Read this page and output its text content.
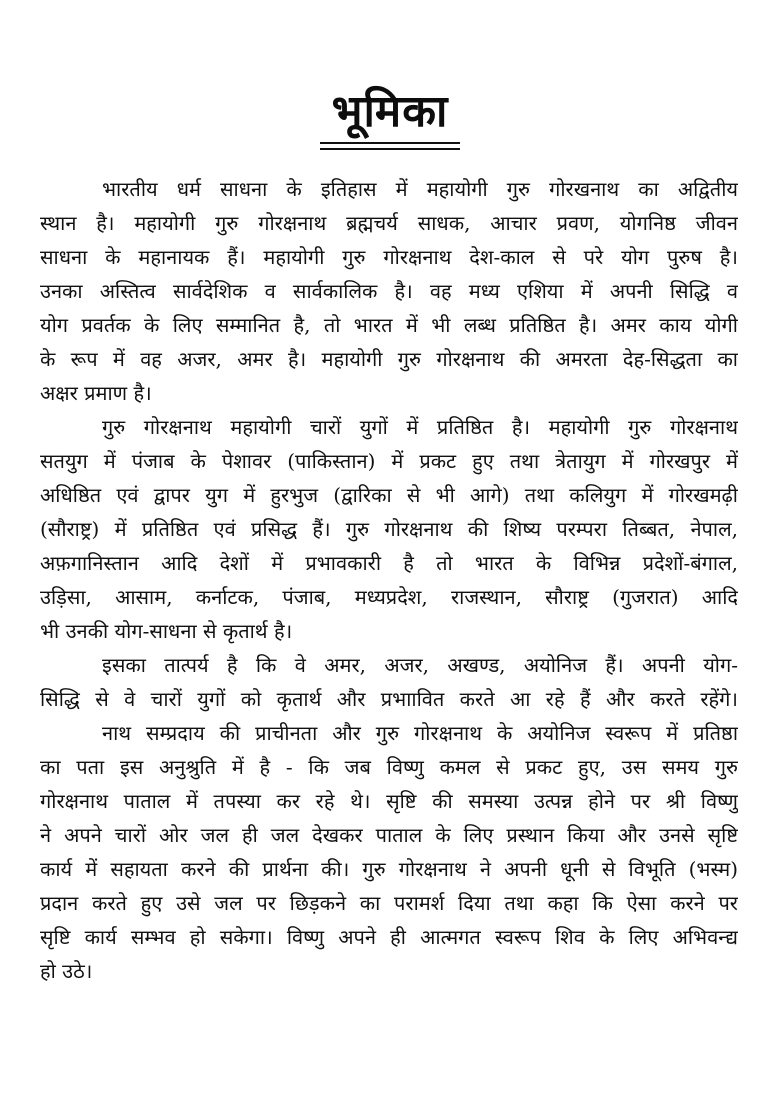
भूमिका
भारतीय धर्म साधना के इतिहास में महायोगी गुरु गोरखनाथ का अद्वितीय
स्थान है। महायोगी गुरु गोरक्षनाथ ब्रह्मचर्य साधक, आचार प्रवण, योगनिष्ठ जीवन
साधना के महानायक हैं। महायोगी गुरु गोरक्षनाथ देश-काल से परे योग पुरुष है।
उनका अस्तित्व सार्वदेशिक व सार्वकालिक है। वह मध्य एशिया में अपनी सिद्धि व
योग प्रवर्तक के लिए सम्मानित है, तो भारत में भी लब्ध प्रतिष्ठित है। अमर काय योगी
के रूप में वह अजर, अमर है। महायोगी गुरु गोरक्षनाथ की अमरता देह-सिद्धता का
अक्षर प्रमाण है।
गुरु गोरक्षनाथ महायोगी चारों युगों में प्रतिष्ठित है। महायोगी गुरु गोरक्षनाथ
सतयुग में पंजाब के पेशावर (पाकिस्तान) में प्रकट हुए तथा त्रेतायुग में गोरखपुर में
अधिष्ठित एवं द्वापर युग में हुरभुज (द्वारिका से भी आगे) तथा कलियुग में गोरखमढ़ी
(सौराष्ट्र) में प्रतिष्ठित एवं प्रसिद्ध हैं। गुरु गोरक्षनाथ की शिष्य परम्परा तिब्बत, नेपाल,
अफ़गानिस्तान आदि देशों में प्रभावकारी है तो भारत के विभिन्न प्रदेशों-बंगाल,
उड़िसा, आसाम, कर्नाटक, पंजाब, मध्यप्रदेश, राजस्थान, सौराष्ट्र (गुजरात) आदि
भी उनकी योग-साधना से कृतार्थ है।
इसका तात्पर्य है कि वे अमर, अजर, अखण्ड, अयोनिज हैं। अपनी योग-
सिद्धि से वे चारों युगों को कृतार्थ और प्रभाावित करते आ रहे हैं और करते रहेंगे।
नाथ सम्प्रदाय की प्राचीनता और गुरु गोरक्षनाथ के अयोनिज स्वरूप में प्रतिष्ठा
का पता इस अनुश्रुति में है - कि जब विष्णु कमल से प्रकट हुए, उस समय गुरु
गोरक्षनाथ पाताल में तपस्या कर रहे थे। सृष्टि की समस्या उत्पन्न होने पर श्री विष्णु
ने अपने चारों ओर जल ही जल देखकर पाताल के लिए प्रस्थान किया और उनसे सृष्टि
कार्य में सहायता करने की प्रार्थना की। गुरु गोरक्षनाथ ने अपनी धूनी से विभूति (भस्म)
प्रदान करते हुए उसे जल पर छिड़कने का परामर्श दिया तथा कहा कि ऐसा करने पर
सृष्टि कार्य सम्भव हो सकेगा। विष्णु अपने ही आत्मगत स्वरूप शिव के लिए अभिवन्द्य
हो उठे।
